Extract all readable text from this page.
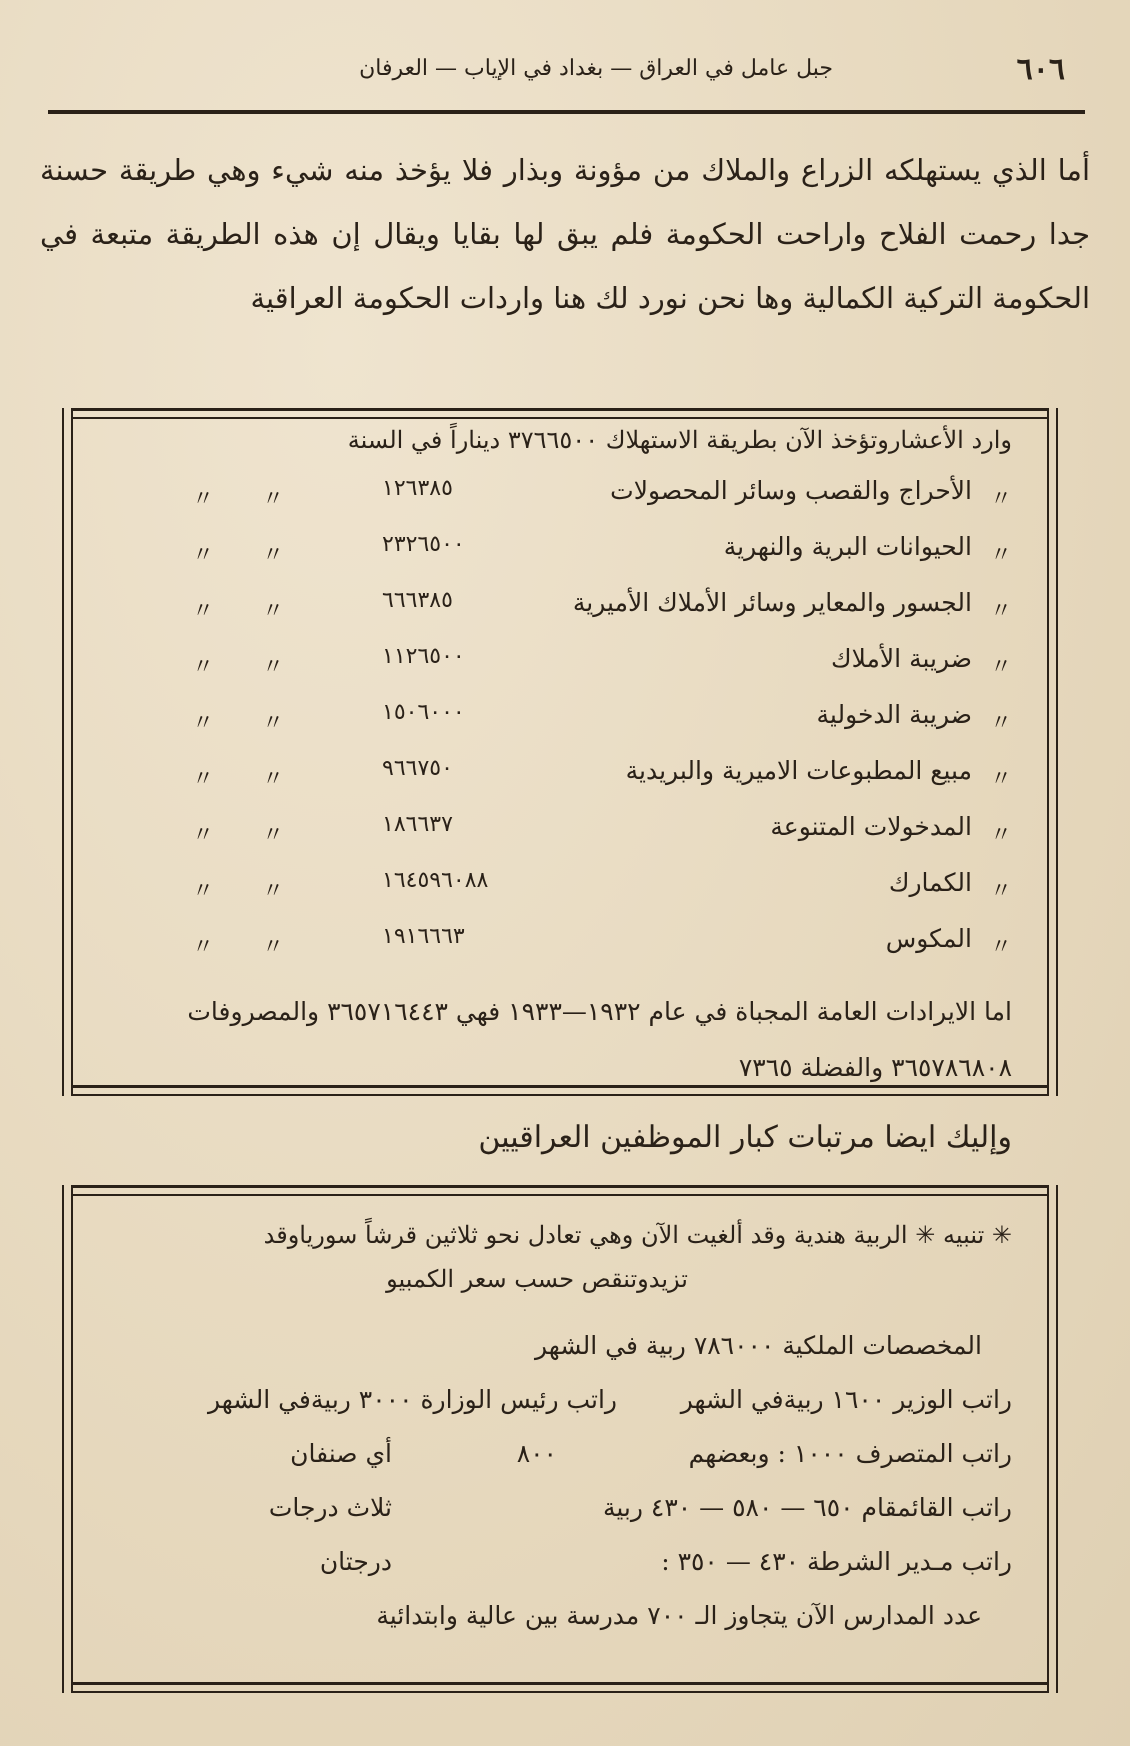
٦٠٦
جبل عامل في العراق — بغداد في الإياب — العرفان
أما الذي يستهلكه الزراع والملاك من مؤونة وبذار فلا يؤخذ منه شيء وهي طريقة حسنة جدا رحمت الفلاح واراحت الحكومة فلم يبق لها بقايا ويقال إن هذه الطريقة متبعة في الحكومة التركية الكمالية وها نحن نورد لك هنا واردات الحكومة العراقية
وارد الأعشاروتؤخذ الآن بطريقة الاستهلاك ٣٧٦٦٥٠٠ ديناراً في السنة
〃
الأحراج والقصب وسائر المحصولات
١٢٦٣٨٥
〃
〃
〃
الحيوانات البرية والنهرية
٢٣٢٦٥٠٠
〃
〃
〃
الجسور والمعاير وسائر الأملاك الأميرية
٦٦٦٣٨٥
〃
〃
〃
ضريبة الأملاك
١١٢٦٥٠٠
〃
〃
〃
ضريبة الدخولية
١٥٠٦٠٠٠
〃
〃
〃
مبيع المطبوعات الاميرية والبريدية
٩٦٦٧٥٠
〃
〃
〃
المدخولات المتنوعة
١٨٦٦٣٧
〃
〃
〃
الكمارك
١٦٤٥٩٦٠٨٨
〃
〃
〃
المكوس
١٩١٦٦٦٣
〃
〃
اما الايرادات العامة المجباة في عام ١٩٣٢—١٩٣٣ فهي ٣٦٥٧١٦٤٤٣ والمصروفات
٣٦٥٧٨٦٨٠٨ والفضلة ٧٣٦٥
وإليك ايضا مرتبات كبار الموظفين العراقيين
✳ تنبيه ✳ الربية هندية وقد ألغيت الآن وهي تعادل نحو ثلاثين قرشاً سورياوقد
تزيدوتنقص حسب سعر الكمبيو
المخصصات الملكية ٧٨٦٠٠٠ ربية في الشهر
راتب الوزير ١٦٠٠ ربيةفي الشهر
راتب رئيس الوزارة ٣٠٠٠ ربيةفي الشهر
راتب المتصرف ١٠٠٠ : وبعضهم
٨٠٠
أي صنفان
راتب القائمقام ٦٥٠ — ٥٨٠ — ٤٣٠ ربية
ثلاث درجات
راتب مـدير الشرطة ٤٣٠ — ٣٥٠ :
درجتان
عدد المدارس الآن يتجاوز الـ ٧٠٠ مدرسة بين عالية وابتدائية
